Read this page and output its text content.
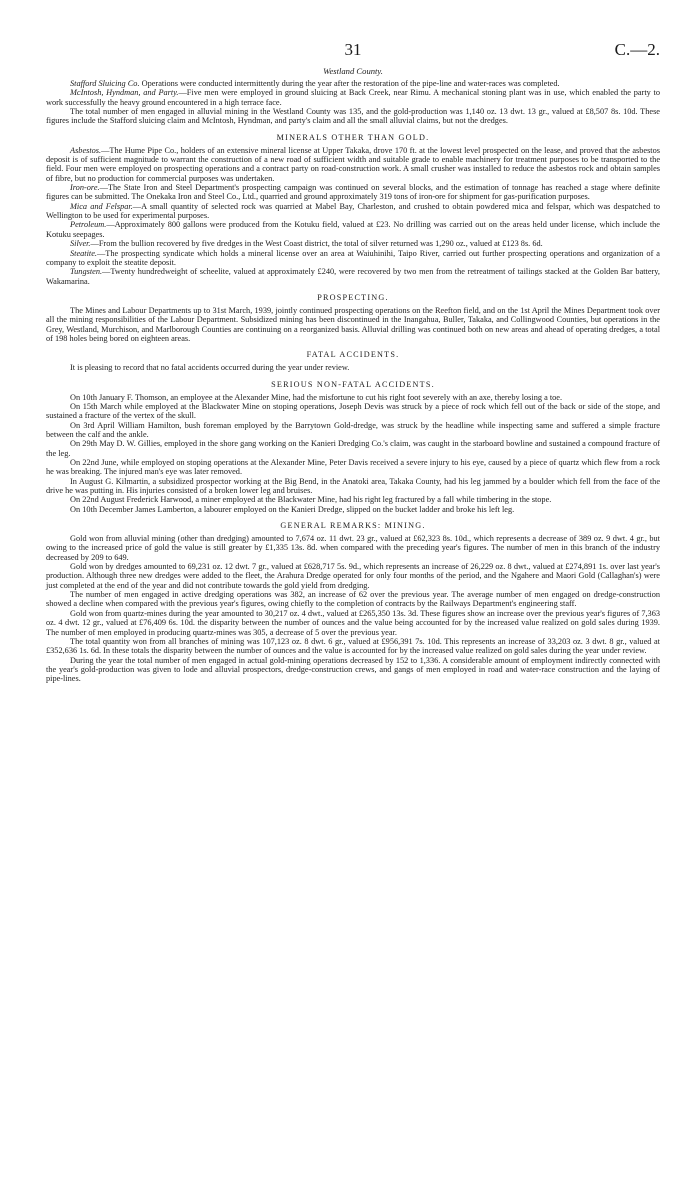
31	C.—2.
Westland County.

Stafford Sluicing Co. Operations were conducted intermittently during the year after the restoration of the pipe-line and water-races was completed.

McIntosh, Hyndman, and Party.—Five men were employed in ground sluicing at Back Creek, near Rimu. A mechanical stoning plant was in use, which enabled the party to work successfully the heavy ground encountered in a high terrace face.

The total number of men engaged in alluvial mining in the Westland County was 135, and the gold-production was 1,140 oz. 13 dwt. 13 gr., valued at £8,507 8s. 10d. These figures include the Stafford sluicing claim and McIntosh, Hyndman, and party's claim and all the small alluvial claims, but not the dredges.

MINERALS OTHER THAN GOLD.

Asbestos.—The Hume Pipe Co., holders of an extensive mineral license at Upper Takaka, drove 170 ft. at the lowest level prospected on the lease, and proved that the asbestos deposit is of sufficient magnitude to warrant the construction of a new road of sufficient width and suitable grade to enable machinery for treatment purposes to be transported to the field. Four men were employed on prospecting operations and a contract party on road-construction work. A small crusher was installed to reduce the asbestos rock and obtain samples of fibre, but no production for commercial purposes was undertaken.

Iron-ore.—The State Iron and Steel Department's prospecting campaign was continued on several blocks, and the estimation of tonnage has reached a stage where definite figures can be submitted. The Onekaka Iron and Steel Co., Ltd., quarried and ground approximately 319 tons of iron-ore for shipment for gas-purification purposes.

Mica and Felspar.—A small quantity of selected rock was quarried at Mabel Bay, Charleston, and crushed to obtain powdered mica and felspar, which was despatched to Wellington to be used for experimental purposes.

Petroleum.—Approximately 800 gallons were produced from the Kotuku field, valued at £23. No drilling was carried out on the areas held under license, which include the Kotuku seepages.

Silver.—From the bullion recovered by five dredges in the West Coast district, the total of silver returned was 1,290 oz., valued at £123 8s. 6d.

Steatite.—The prospecting syndicate which holds a mineral license over an area at Waiuhinihi, Taipo River, carried out further prospecting operations and organization of a company to exploit the steatite deposit.

Tungsten.—Twenty hundredweight of scheelite, valued at approximately £240, were recovered by two men from the retreatment of tailings stacked at the Golden Bar battery, Wakamarina.

PROSPECTING.

The Mines and Labour Departments up to 31st March, 1939, jointly continued prospecting operations on the Reefton field, and on the 1st April the Mines Department took over all the mining responsibilities of the Labour Department. Subsidized mining has been discontinued in the Inangahua, Buller, Takaka, and Collingwood Counties, but operations in the Grey, Westland, Murchison, and Marlborough Counties are continuing on a reorganized basis. Alluvial drilling was continued both on new areas and ahead of operating dredges, a total of 198 holes being bored on eighteen areas.

FATAL ACCIDENTS.

It is pleasing to record that no fatal accidents occurred during the year under review.

SERIOUS NON-FATAL ACCIDENTS.

On 10th January F. Thomson, an employee at the Alexander Mine, had the misfortune to cut his right foot severely with an axe, thereby losing a toe.

On 15th March while employed at the Blackwater Mine on stoping operations, Joseph Devis was struck by a piece of rock which fell out of the back or side of the stope, and sustained a fracture of the vertex of the skull.

On 3rd April William Hamilton, bush foreman employed by the Barrytown Gold-dredge, was struck by the headline while inspecting same and suffered a simple fracture between the calf and the ankle.

On 29th May D. W. Gillies, employed in the shore gang working on the Kanieri Dredging Co.'s claim, was caught in the starboard bowline and sustained a compound fracture of the leg.

On 22nd June, while employed on stoping operations at the Alexander Mine, Peter Davis received a severe injury to his eye, caused by a piece of quartz which flew from a rock he was breaking. The injured man's eye was later removed.

In August G. Kilmartin, a subsidized prospector working at the Big Bend, in the Anatoki area, Takaka County, had his leg jammed by a boulder which fell from the face of the drive he was putting in. His injuries consisted of a broken lower leg and bruises.

On 22nd August Frederick Harwood, a miner employed at the Blackwater Mine, had his right leg fractured by a fall while timbering in the stope.

On 10th December James Lamberton, a labourer employed on the Kanieri Dredge, slipped on the bucket ladder and broke his left leg.

GENERAL REMARKS: MINING.

Gold won from alluvial mining (other than dredging) amounted to 7,674 oz. 11 dwt. 23 gr., valued at £62,323 8s. 10d., which represents a decrease of 389 oz. 9 dwt. 4 gr., but owing to the increased price of gold the value is still greater by £1,335 13s. 8d. when compared with the preceding year's figures. The number of men in this branch of the industry decreased by 209 to 649.

Gold won by dredges amounted to 69,231 oz. 12 dwt. 7 gr., valued at £628,717 5s. 9d., which represents an increase of 26,229 oz. 8 dwt., valued at £274,891 1s. over last year's production. Although three new dredges were added to the fleet, the Arahura Dredge operated for only four months of the period, and the Ngahere and Maori Gold (Callaghan's) were just completed at the end of the year and did not contribute towards the gold yield from dredging.

The number of men engaged in active dredging operations was 382, an increase of 62 over the previous year. The average number of men engaged on dredge-construction showed a decline when compared with the previous year's figures, owing chiefly to the completion of contracts by the Railways Department's engineering staff.

Gold won from quartz-mines during the year amounted to 30,217 oz. 4 dwt., valued at £265,350 13s. 3d. These figures show an increase over the previous year's figures of 7,363 oz. 4 dwt. 12 gr., valued at £76,409 6s. 10d. the disparity between the number of ounces and the value being accounted for by the increased value realized on gold sales during 1939. The number of men employed in producing quartz-mines was 305, a decrease of 5 over the previous year.

The total quantity won from all branches of mining was 107,123 oz. 8 dwt. 6 gr., valued at £956,391 7s. 10d. This represents an increase of 33,203 oz. 3 dwt. 8 gr., valued at £352,636 1s. 6d. In these totals the disparity between the number of ounces and the value is accounted for by the increased value realized on gold sales during the year under review.

During the year the total number of men engaged in actual gold-mining operations decreased by 152 to 1,336. A considerable amount of employment indirectly connected with the year's gold-production was given to lode and alluvial prospectors, dredge-construction crews, and gangs of men employed in road and water-race construction and the laying of pipe-lines.
